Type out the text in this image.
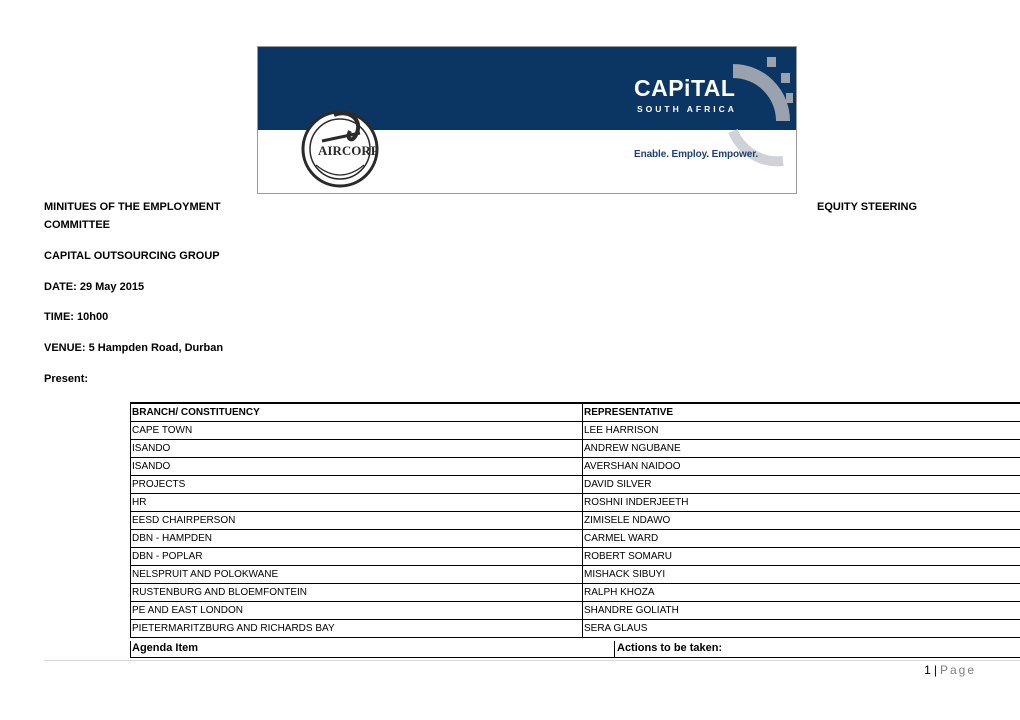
CAPiTAL
SOUTH AFRICA
Enable. Employ. Empower.
AIRCORP
MINITUES OF THE EMPLOYMENT	EQUITY STEERING
COMMITTEE
CAPITAL OUTSOURCING GROUP
DATE: 29 May 2015
TIME: 10h00
VENUE: 5 Hampden Road, Durban
Present:
BRANCH/ CONSTITUENCY	REPRESENTATIVE
CAPE TOWN	LEE HARRISON
ISANDO	ANDREW NGUBANE
ISANDO	AVERSHAN NAIDOO
PROJECTS	DAVID SILVER
HR	ROSHNI INDERJEETH
EESD CHAIRPERSON	ZIMISELE NDAWO
DBN - HAMPDEN	CARMEL WARD
DBN - POPLAR	ROBERT SOMARU
NELSPRUIT AND POLOKWANE	MISHACK SIBUYI
RUSTENBURG AND BLOEMFONTEIN	RALPH KHOZA
PE AND EAST LONDON	SHANDRE GOLIATH
PIETERMARITZBURG AND RICHARDS BAY	SERA GLAUS
Agenda Item	Actions to be taken:
1 | Page
